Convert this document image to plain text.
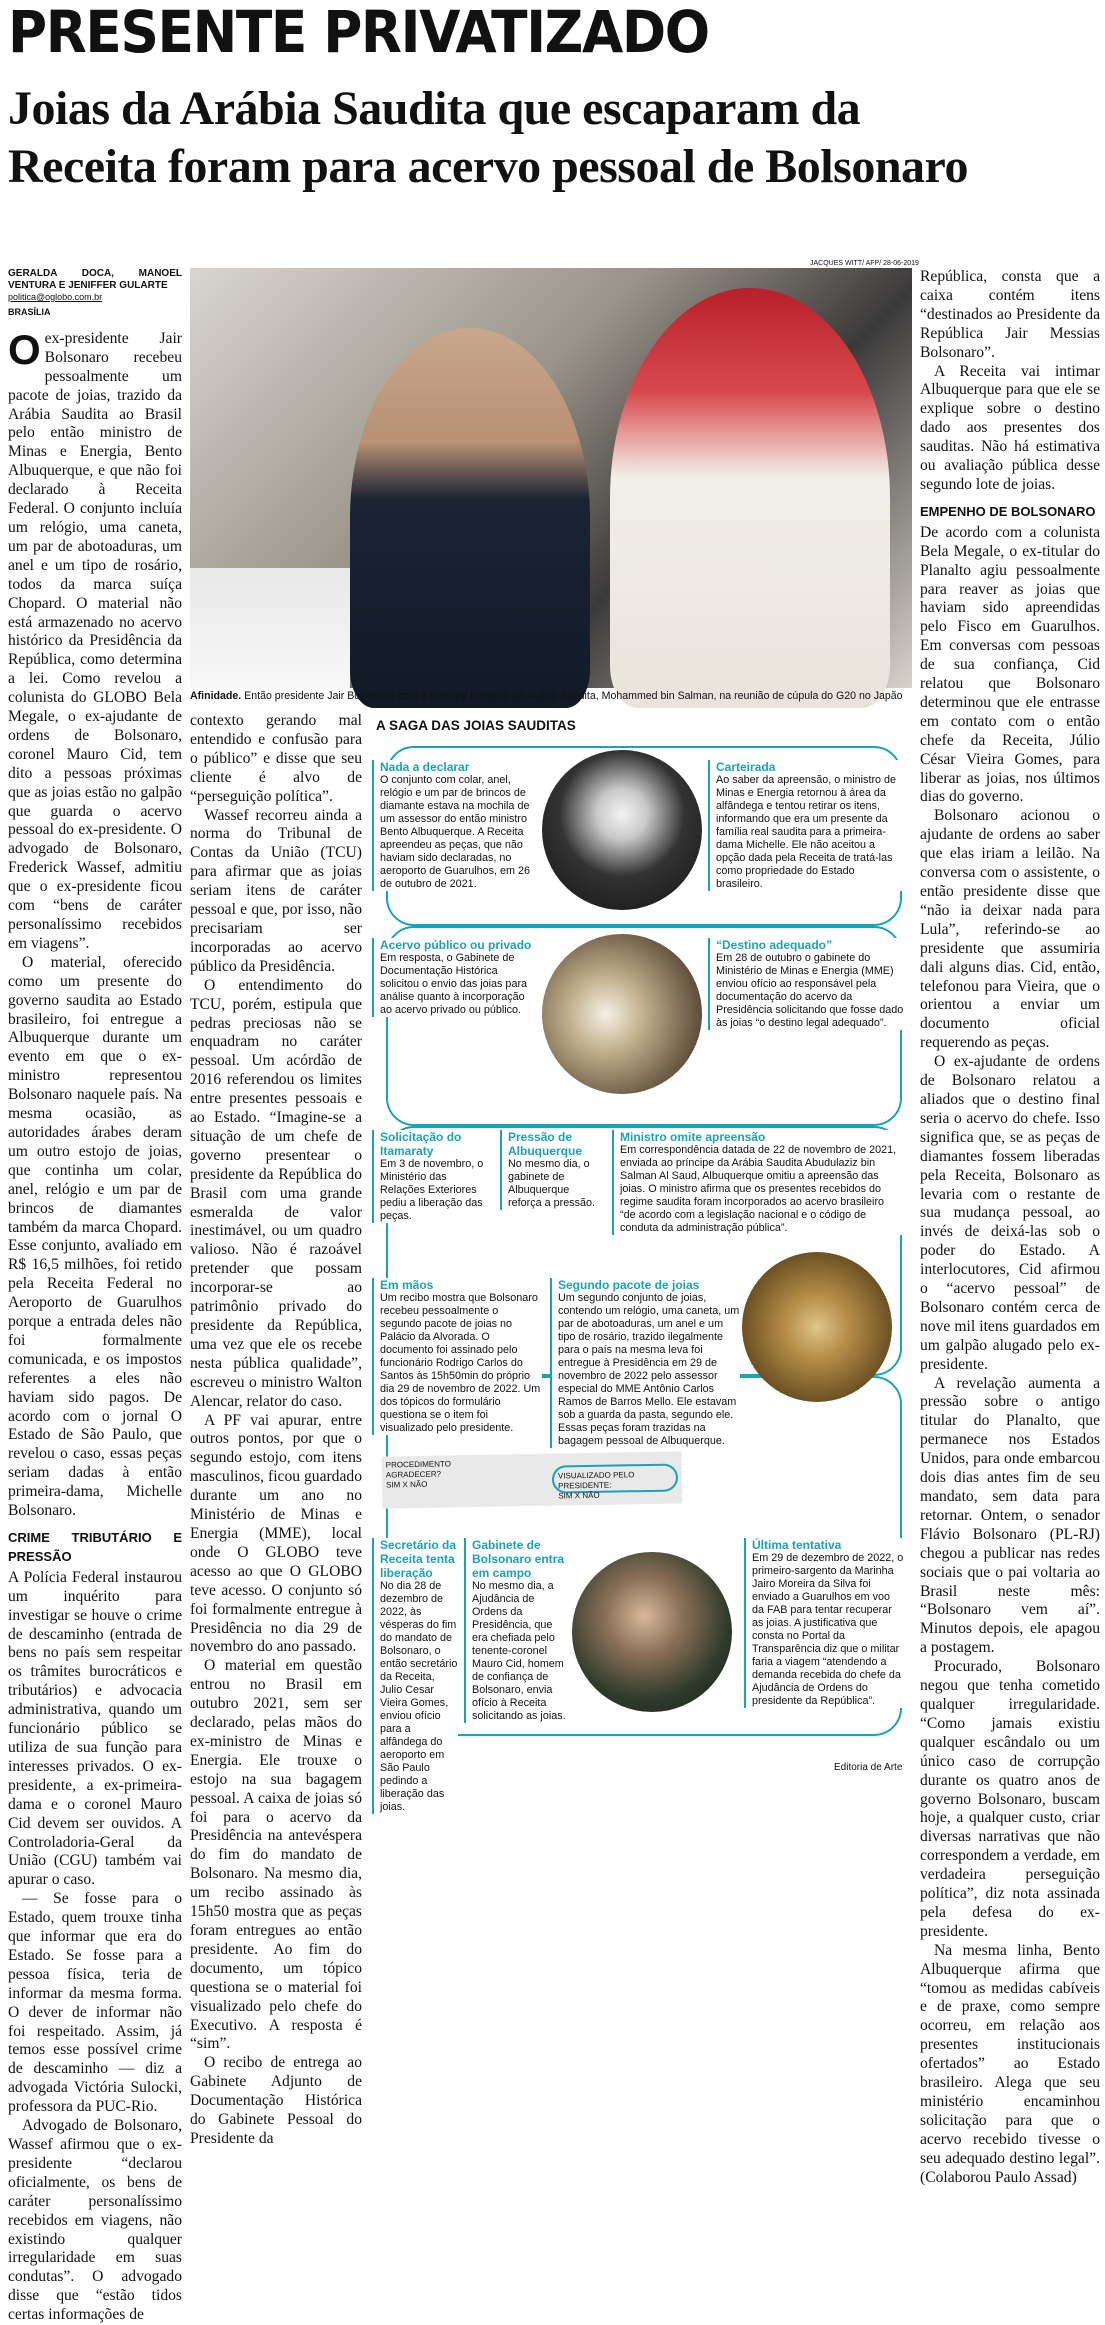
PRESENTE PRIVATIZADO
Joias da Arábia Saudita que escaparam da Receita foram para acervo pessoal de Bolsonaro
GERALDA DOCA, MANOEL VENTURA E JENIFFER GULARTE
politica@oglobo.com.br
BRASÍLIA

Oex-presidente Jair Bolsonaro recebeu pessoalmente um pacote de joias, trazido da Arábia Saudita ao Brasil pelo então ministro de Minas e Energia, Bento Albuquerque, e que não foi declarado à Receita Federal. O conjunto incluía um relógio, uma caneta, um par de abotoaduras, um anel e um tipo de rosário, todos da marca suíça Chopard. O material não está armazenado no acervo histórico da Presidência da República, como determina a lei. Como revelou a colunista do GLOBO Bela Megale, o ex-ajudante de ordens de Bolsonaro, coronel Mauro Cid, tem dito a pessoas próximas que as joias estão no galpão que guarda o acervo pessoal do ex-presidente. O advogado de Bolsonaro, Frederick Wassef, admitiu que o ex-presidente ficou com “bens de caráter personalíssimo recebidos em viagens”.

O material, oferecido como um presente do governo saudita ao Estado brasileiro, foi entregue a Albuquerque durante um evento em que o ex-ministro representou Bolsonaro naquele país. Na mesma ocasião, as autoridades árabes deram um outro estojo de joias, que continha um colar, anel, relógio e um par de brincos de diamantes também da marca Chopard. Esse conjunto, avaliado em R$ 16,5 milhões, foi retido pela Receita Federal no Aeroporto de Guarulhos porque a entrada deles não foi formalmente comunicada, e os impostos referentes a eles não haviam sido pagos. De acordo com o jornal O Estado de São Paulo, que revelou o caso, essas peças seriam dadas à então primeira-dama, Michelle Bolsonaro.

CRIME TRIBUTÁRIO E PRESSÃO

A Polícia Federal instaurou um inquérito para investigar se houve o crime de descaminho (entrada de bens no país sem respeitar os trâmites burocráticos e tributários) e advocacia administrativa, quando um funcionário público se utiliza de sua função para interesses privados. O ex-presidente, a ex-primeira-dama e o coronel Mauro Cid devem ser ouvidos. A Controladoria-Geral da União (CGU) também vai apurar o caso.

— Se fosse para o Estado, quem trouxe tinha que informar que era do Estado. Se fosse para a pessoa física, teria de informar da mesma forma. O dever de informar não foi respeitado. Assim, já temos esse possível crime de descaminho — diz a advogada Victória Sulocki, professora da PUC-Rio.

Advogado de Bolsonaro, Wassef afirmou que o ex-presidente “declarou oficialmente, os bens de caráter personalíssimo recebidos em viagens, não existindo qualquer irregularidade em suas condutas”. O advogado disse que “estão tidos certas informações de

JACQUES WITT/ AFP/ 28-06-2019
Afinidade. Então presidente Jair Bolsonaro com o príncipe herdeiro da Arábia Saudita, Mohammed bin Salman, na reunião de cúpula do G20 no Japão

contexto gerando mal entendido e confusão para o público” e disse que seu cliente é alvo de “perseguição política”.

Wassef recorreu ainda a norma do Tribunal de Contas da União (TCU) para afirmar que as joias seriam itens de caráter pessoal e que, por isso, não precisariam ser incorporadas ao acervo público da Presidência.

O entendimento do TCU, porém, estipula que pedras preciosas não se enquadram no caráter pessoal. Um acórdão de 2016 referendou os limites entre presentes pessoais e ao Estado. “Imagine-se a situação de um chefe de governo presentear o presidente da República do Brasil com uma grande esmeralda de valor inestimável, ou um quadro valioso. Não é razoável pretender que possam incorporar-se ao patrimônio privado do presidente da República, uma vez que ele os recebe nesta pública qualidade”, escreveu o ministro Walton Alencar, relator do caso.

A PF vai apurar, entre outros pontos, por que o segundo estojo, com itens masculinos, ficou guardado durante um ano no Ministério de Minas e Energia (MME), local onde O GLOBO teve acesso ao que O GLOBO teve acesso. O conjunto só foi formalmente entregue à Presidência no dia 29 de novembro do ano passado.

O material em questão entrou no Brasil em outubro 2021, sem ser declarado, pelas mãos do ex-ministro de Minas e Energia. Ele trouxe o estojo na sua bagagem pessoal. A caixa de joias só foi para o acervo da Presidência na antevéspera do fim do mandato de Bolsonaro. Na mesmo dia, um recibo assinado às 15h50 mostra que as peças foram entregues ao então presidente. Ao fim do documento, um tópico questiona se o material foi visualizado pelo chefe do Executivo. A resposta é “sim”.

O recibo de entrega ao Gabinete Adjunto de Documentação Histórica do Gabinete Pessoal do Presidente da

A SAGA DAS JOIAS SAUDITAS
Nada a declarar
O conjunto com colar, anel, relógio e um par de brincos de diamante estava na mochila de um assessor do então ministro Bento Albuquerque. A Receita apreendeu as peças, que não haviam sido declaradas, no aeroporto de Guarulhos, em 26 de outubro de 2021.
Carteirada
Ao saber da apreensão, o ministro de Minas e Energia retornou à área da alfândega e tentou retirar os itens, informando que era um presente da família real saudita para a primeira-dama Michelle. Ele não aceitou a opção dada pela Receita de tratá-las como propriedade do Estado brasileiro.
Acervo público ou privado
Em resposta, o Gabinete de Documentação Histórica solicitou o envio das joias para análise quanto à incorporação ao acervo privado ou público.
“Destino adequado”
Em 28 de outubro o gabinete do Ministério de Minas e Energia (MME) enviou ofício ao responsável pela documentação do acervo da Presidência solicitando que fosse dado às joias “o destino legal adequado”.
Solicitação do Itamaraty
Em 3 de novembro, o Ministério das Relações Exteriores pediu a liberação das peças.
Pressão de Albuquerque
No mesmo dia, o gabinete de Albuquerque reforça a pressão.
Ministro omite apreensão
Em correspondência datada de 22 de novembro de 2021, enviada ao príncipe da Arábia Saudita Abudulaziz bin Salman Al Saud, Albuquerque omitiu a apreensão das joias. O ministro afirma que os presentes recebidos do regime saudita foram incorporados ao acervo brasileiro “de acordo com a legislação nacional e o código de conduta da administração pública”.
Em mãos
Um recibo mostra que Bolsonaro recebeu pessoalmente o segundo pacote de joias no Palácio da Alvorada. O documento foi assinado pelo funcionário Rodrigo Carlos do Santos às 15h50min do próprio dia 29 de novembro de 2022. Um dos tópicos do formulário questiona se o item foi visualizado pelo presidente.
Segundo pacote de joias
Um segundo conjunto de joias, contendo um relógio, uma caneta, um par de abotoaduras, um anel e um tipo de rosário, trazido ilegalmente para o país na mesma leva foi entregue à Presidência em 29 de novembro de 2022 pelo assessor especial do MME Antônio Carlos Ramos de Barros Mello. Ele estavam sob a guarda da pasta, segundo ele. Essas peças foram trazidas na bagagem pessoal de Albuquerque.
PROCEDIMENTO
AGRADECER?
SIM X NÃO
VISUALIZADO PELO PRESIDENTE:
SIM X NÃO
Secretário da Receita tenta liberação
No dia 28 de dezembro de 2022, às vésperas do fim do mandato de Bolsonaro, o então secretário da Receita, Julio Cesar Vieira Gomes, enviou ofício para a alfândega do aeroporto em São Paulo pedindo a liberação das joias.
Gabinete de Bolsonaro entra em campo
No mesmo dia, a Ajudância de Ordens da Presidência, que era chefiada pelo tenente-coronel Mauro Cid, homem de confiança de Bolsonaro, envia ofício à Receita solicitando as joias.
Última tentativa
Em 29 de dezembro de 2022, o primeiro-sargento da Marinha Jairo Moreira da Silva foi enviado a Guarulhos em voo da FAB para tentar recuperar as joias. A justificativa que consta no Portal da Transparência diz que o militar faria a viagem “atendendo a demanda recebida do chefe da Ajudância de Ordens do presidente da República”.
Editoria de Arte

República, consta que a caixa contém itens “destinados ao Presidente da República Jair Messias Bolsonaro”.

A Receita vai intimar Albuquerque para que ele se explique sobre o destino dado aos presentes dos sauditas. Não há estimativa ou avaliação pública desse segundo lote de joias.

EMPENHO DE BOLSONARO

De acordo com a colunista Bela Megale, o ex-titular do Planalto agiu pessoalmente para reaver as joias que haviam sido apreendidas pelo Fisco em Guarulhos. Em conversas com pessoas de sua confiança, Cid relatou que Bolsonaro determinou que ele entrasse em contato com o então chefe da Receita, Júlio César Vieira Gomes, para liberar as joias, nos últimos dias do governo.

Bolsonaro acionou o ajudante de ordens ao saber que elas iriam a leilão. Na conversa com o assistente, o então presidente disse que “não ia deixar nada para Lula”, referindo-se ao presidente que assumiria dali alguns dias. Cid, então, telefonou para Vieira, que o orientou a enviar um documento oficial requerendo as peças.

O ex-ajudante de ordens de Bolsonaro relatou a aliados que o destino final seria o acervo do chefe. Isso significa que, se as peças de diamantes fossem liberadas pela Receita, Bolsonaro as levaria com o restante de sua mudança pessoal, ao invés de deixá-las sob o poder do Estado. A interlocutores, Cid afirmou o “acervo pessoal” de Bolsonaro contém cerca de nove mil itens guardados em um galpão alugado pelo ex-presidente.

A revelação aumenta a pressão sobre o antigo titular do Planalto, que permanece nos Estados Unidos, para onde embarcou dois dias antes fim de seu mandato, sem data para retornar. Ontem, o senador Flávio Bolsonaro (PL-RJ) chegou a publicar nas redes sociais que o pai voltaria ao Brasil neste mês: “Bolsonaro vem aí”. Minutos depois, ele apagou a postagem.

Procurado, Bolsonaro negou que tenha cometido qualquer irregularidade. “Como jamais existiu qualquer escândalo ou um único caso de corrupção durante os quatro anos de governo Bolsonaro, buscam hoje, a qualquer custo, criar diversas narrativas que não correspondem a verdade, em verdadeira perseguição política”, diz nota assinada pela defesa do ex-presidente.

Na mesma linha, Bento Albuquerque afirma que “tomou as medidas cabíveis e de praxe, como sempre ocorreu, em relação aos presentes institucionais ofertados” ao Estado brasileiro. Alega que seu ministério encaminhou solicitação para que o acervo recebido tivesse o seu adequado destino legal”. (Colaborou Paulo Assad)
